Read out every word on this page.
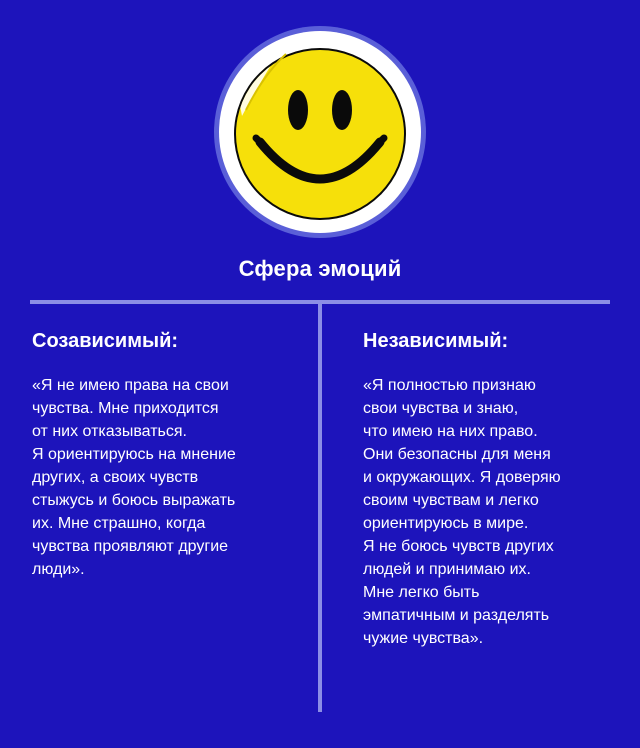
Сфера эмоций
Созависимый:
«Я не имею права на свои
чувства. Мне приходится
от них отказываться.
Я ориентируюсь на мнение
других, а своих чувств
стыжусь и боюсь выражать
их. Мне страшно, когда
чувства проявляют другие
люди».
Независимый:
«Я полностью признаю
свои чувства и знаю,
что имею на них право.
Они безопасны для меня
и окружающих. Я доверяю
своим чувствам и легко
ориентируюсь в мире.
Я не боюсь чувств других
людей и принимаю их.
Мне легко быть
эмпатичным и разделять
чужие чувства».
